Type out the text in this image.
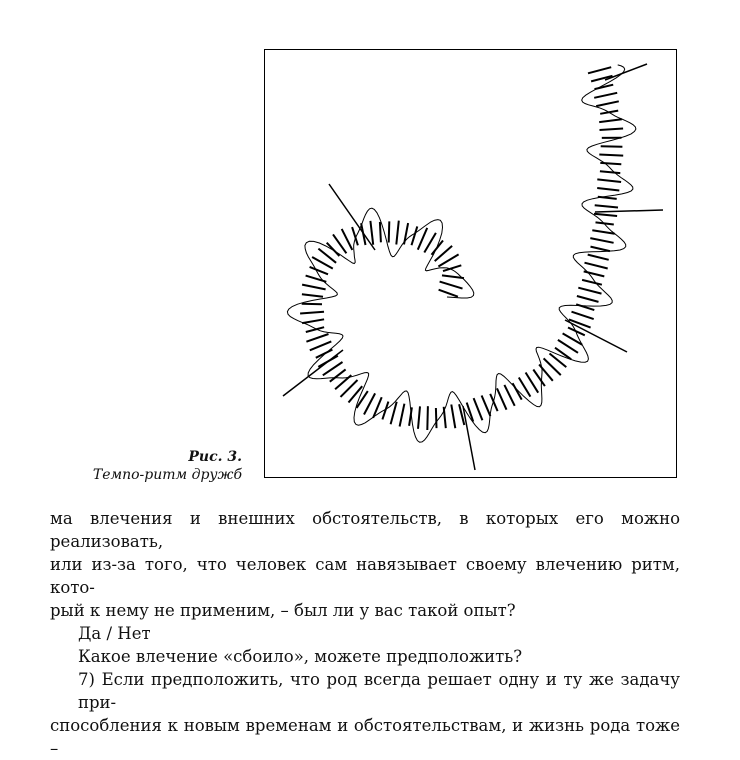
Рис. 3.
Темпо-ритм дружб
ма влечения и внешних обстоятельств, в которых его можно реализовать,
или из-за того, что человек сам навязывает своему влечению ритм, кото-
рый к нему не применим, – был ли у вас такой опыт?
Да / Нет
Какое влечение «сбоило», можете предположить?
7) Если предположить, что род всегда решает одну и ту же задачу при-
способления к новым временам и обстоятельствам, и жизнь рода тоже –
